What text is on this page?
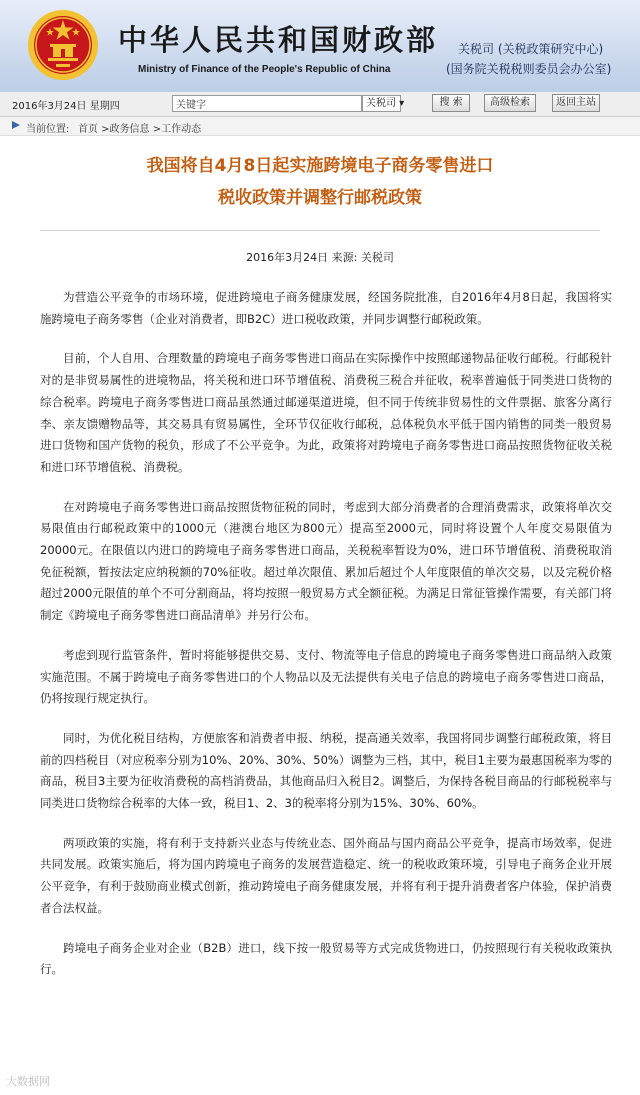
中华人民共和国财政部
Ministry of Finance of the People's Republic of China
关税司 (关税政策研究中心)
(国务院关税税则委员会办公室)
2016年3月24日 星期四
关键字	关税司 ▾	搜 索	高级检索	返回主站
当前位置: 首页 >政务信息 >工作动态
我国将自4月8日起实施跨境电子商务零售进口
税收政策并调整行邮税政策
2016年3月24日 来源: 关税司

为营造公平竞争的市场环境，促进跨境电子商务健康发展，经国务院批准，自2016年4月8日起，我国将实施跨境电子商务零售（企业对消费者，即B2C）进口税收政策，并同步调整行邮税政策。

目前，个人自用、合理数量的跨境电子商务零售进口商品在实际操作中按照邮递物品征收行邮税。行邮税针对的是非贸易属性的进境物品，将关税和进口环节增值税、消费税三税合并征收，税率普遍低于同类进口货物的综合税率。跨境电子商务零售进口商品虽然通过邮递渠道进境，但不同于传统非贸易性的文件票据、旅客分离行李、亲友馈赠物品等，其交易具有贸易属性，全环节仅征收行邮税，总体税负水平低于国内销售的同类一般贸易进口货物和国产货物的税负，形成了不公平竞争。为此，政策将对跨境电子商务零售进口商品按照货物征收关税和进口环节增值税、消费税。

在对跨境电子商务零售进口商品按照货物征税的同时，考虑到大部分消费者的合理消费需求，政策将单次交易限值由行邮税政策中的1000元（港澳台地区为800元）提高至2000元，同时将设置个人年度交易限值为20000元。在限值以内进口的跨境电子商务零售进口商品，关税税率暂设为0%，进口环节增值税、消费税取消免征税额，暂按法定应纳税额的70%征收。超过单次限值、累加后超过个人年度限值的单次交易，以及完税价格超过2000元限值的单个不可分割商品，将均按照一般贸易方式全额征税。为满足日常征管操作需要，有关部门将制定《跨境电子商务零售进口商品清单》并另行公布。

考虑到现行监管条件，暂时将能够提供交易、支付、物流等电子信息的跨境电子商务零售进口商品纳入政策实施范围。不属于跨境电子商务零售进口的个人物品以及无法提供有关电子信息的跨境电子商务零售进口商品，仍将按现行规定执行。

同时，为优化税目结构，方便旅客和消费者申报、纳税，提高通关效率，我国将同步调整行邮税政策，将目前的四档税目（对应税率分别为10%、20%、30%、50%）调整为三档，其中，税目1主要为最惠国税率为零的商品，税目3主要为征收消费税的高档消费品，其他商品归入税目2。调整后，为保持各税目商品的行邮税税率与同类进口货物综合税率的大体一致，税目1、2、3的税率将分别为15%、30%、60%。

两项政策的实施，将有利于支持新兴业态与传统业态、国外商品与国内商品公平竞争，提高市场效率，促进共同发展。政策实施后，将为国内跨境电子商务的发展营造稳定、统一的税收政策环境，引导电子商务企业开展公平竞争，有利于鼓励商业模式创新，推动跨境电子商务健康发展，并将有利于提升消费者客户体验，保护消费者合法权益。

跨境电子商务企业对企业（B2B）进口，线下按一般贸易等方式完成货物进口，仍按照现行有关税收政策执行。

大数据网
